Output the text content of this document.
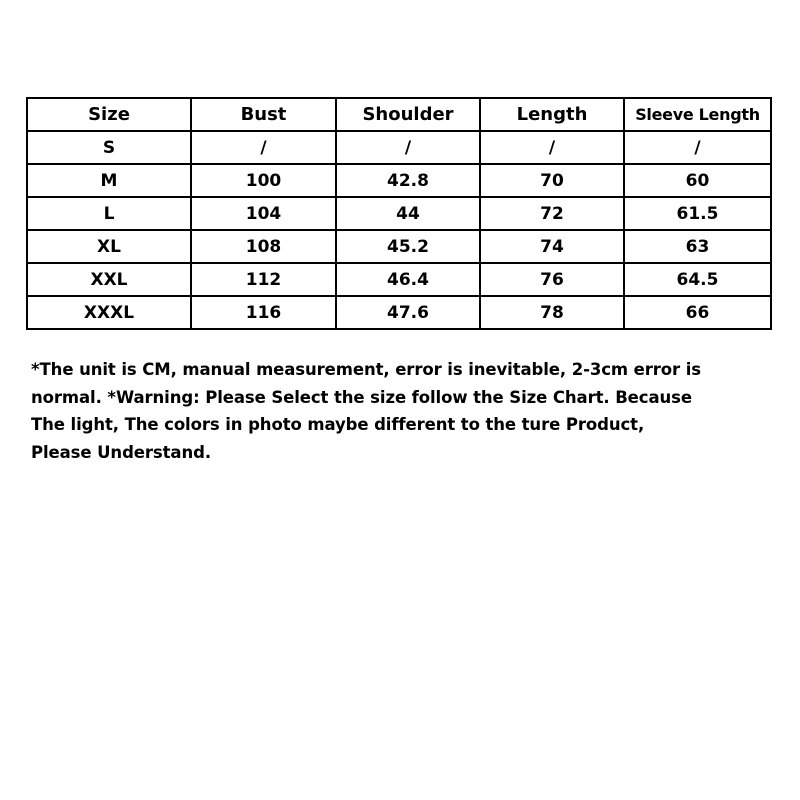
Size	Bust	Shoulder	Length	Sleeve Length
S	/	/	/	/
M	100	42.8	70	60
L	104	44	72	61.5
XL	108	45.2	74	63
XXL	112	46.4	76	64.5
XXXL	116	47.6	78	66

*The unit is CM, manual measurement, error is inevitable, 2-3cm error is
normal. *Warning: Please Select the size follow the Size Chart. Because
The light, The colors in photo maybe different to the ture Product,
Please Understand.
